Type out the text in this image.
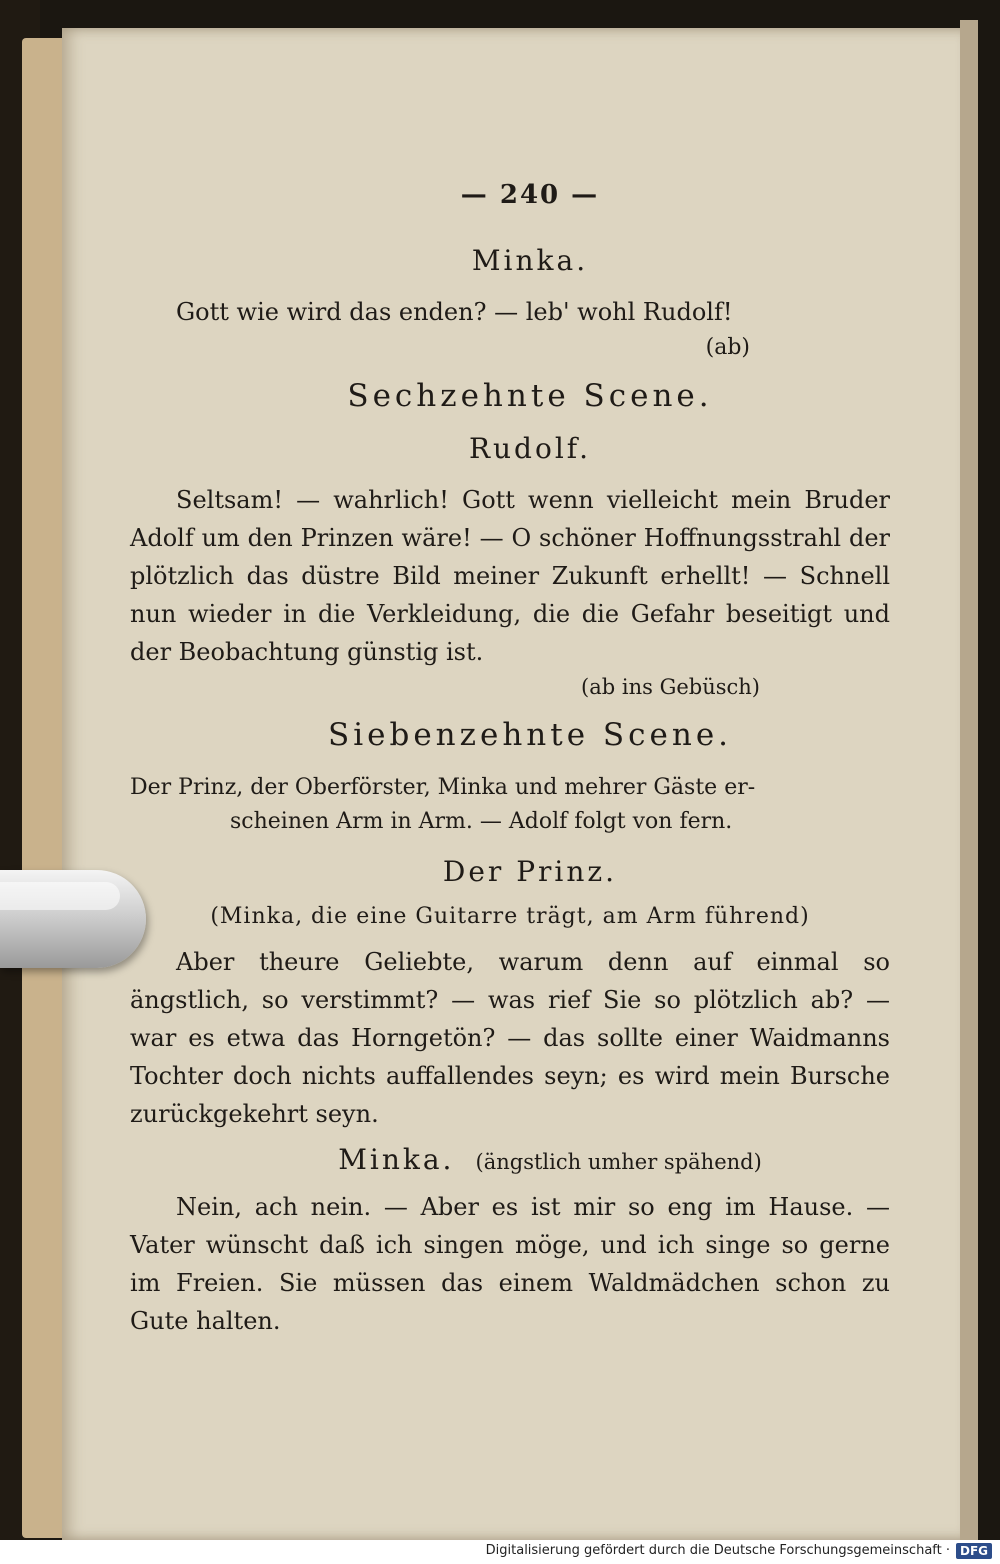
— 240 —
Minka.

Gott wie wird das enden? — leb' wohl Rudolf!

(ab)
Sechzehnte Scene.
Rudolf.

Seltsam! — wahrlich! Gott wenn vielleicht mein Bruder Adolf um den Prinzen wäre! — O schöner Hoffnungsstrahl der plötzlich das düstre Bild meiner Zukunft erhellt! — Schnell nun wieder in die Verkleidung, die die Gefahr beseitigt und der Beobachtung günstig ist.

(ab ins Gebüsch)
Siebenzehnte Scene.

Der Prinz, der Oberförster, Minka und mehrer Gäste er-
scheinen Arm in Arm. — Adolf folgt von fern.

Der Prinz.
(Minka, die eine Guitarre trägt, am Arm führend)

Aber theure Geliebte, warum denn auf einmal so ängstlich, so verstimmt? — was rief Sie so plötzlich ab? — war es etwa das Horngetön? — das sollte einer Waidmanns Tochter doch nichts auffallendes seyn; es wird mein Bursche zurückgekehrt seyn.

Minka. (ängstlich umher spähend)

Nein, ach nein. — Aber es ist mir so eng im Hause. — Vater wünscht daß ich singen möge, und ich singe so gerne im Freien. Sie müssen das einem Waldmädchen schon zu Gute halten.

Digitalisierung gefördert durch die Deutsche Forschungsgemeinschaft · DFG
